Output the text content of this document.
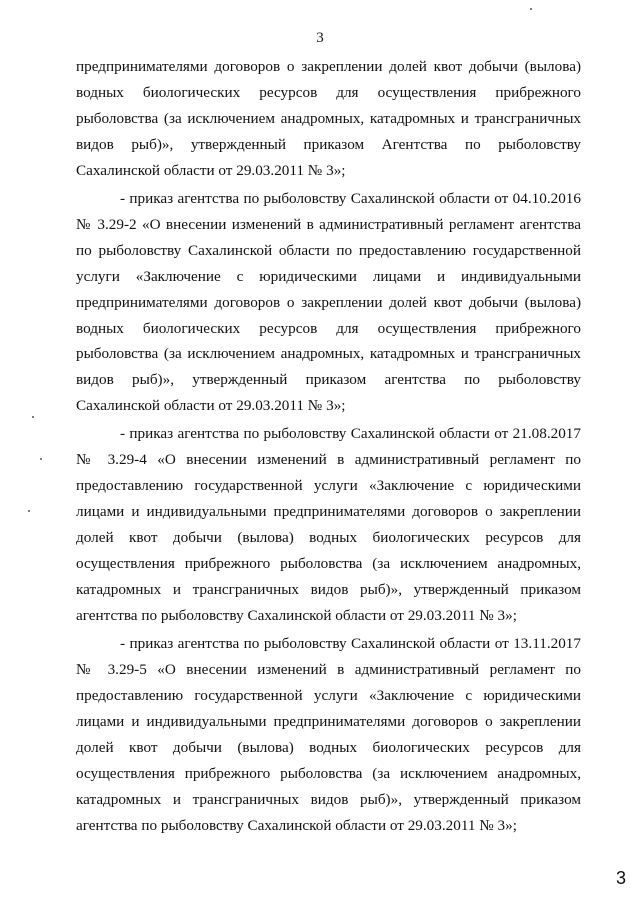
3

предпринимателями договоров о закреплении долей квот добычи (вылова) водных биологических ресурсов для осуществления прибрежного рыболовства (за исключением анадромных, катадромных и трансграничных видов рыб)», утвержденный приказом Агентства по рыболовству Сахалинской области от 29.03.2011 № 3»;

- приказ агентства по рыболовству Сахалинской области от 04.10.2016 № 3.29-2 «О внесении изменений в административный регламент агентства по рыболовству Сахалинской области по предоставлению государственной услуги «Заключение с юридическими лицами и индивидуальными предпринимателями договоров о закреплении долей квот добычи (вылова) водных биологических ресурсов для осуществления прибрежного рыболовства (за исключением анадромных, катадромных и трансграничных видов рыб)», утвержденный приказом агентства по рыболовству Сахалинской области от 29.03.2011 № 3»;

- приказ агентства по рыболовству Сахалинской области от 21.08.2017 № 3.29-4 «О внесении изменений в административный регламент по предоставлению государственной услуги «Заключение с юридическими лицами и индивидуальными предпринимателями договоров о закреплении долей квот добычи (вылова) водных биологических ресурсов для осуществления прибрежного рыболовства (за исключением анадромных, катадромных и трансграничных видов рыб)», утвержденный приказом агентства по рыболовству Сахалинской области от 29.03.2011 № 3»;

- приказ агентства по рыболовству Сахалинской области от 13.11.2017 № 3.29-5 «О внесении изменений в административный регламент по предоставлению государственной услуги «Заключение с юридическими лицами и индивидуальными предпринимателями договоров о закреплении долей квот добычи (вылова) водных биологических ресурсов для осуществления прибрежного рыболовства (за исключением анадромных, катадромных и трансграничных видов рыб)», утвержденный приказом агентства по рыболовству Сахалинской области от 29.03.2011 № 3»;

3
